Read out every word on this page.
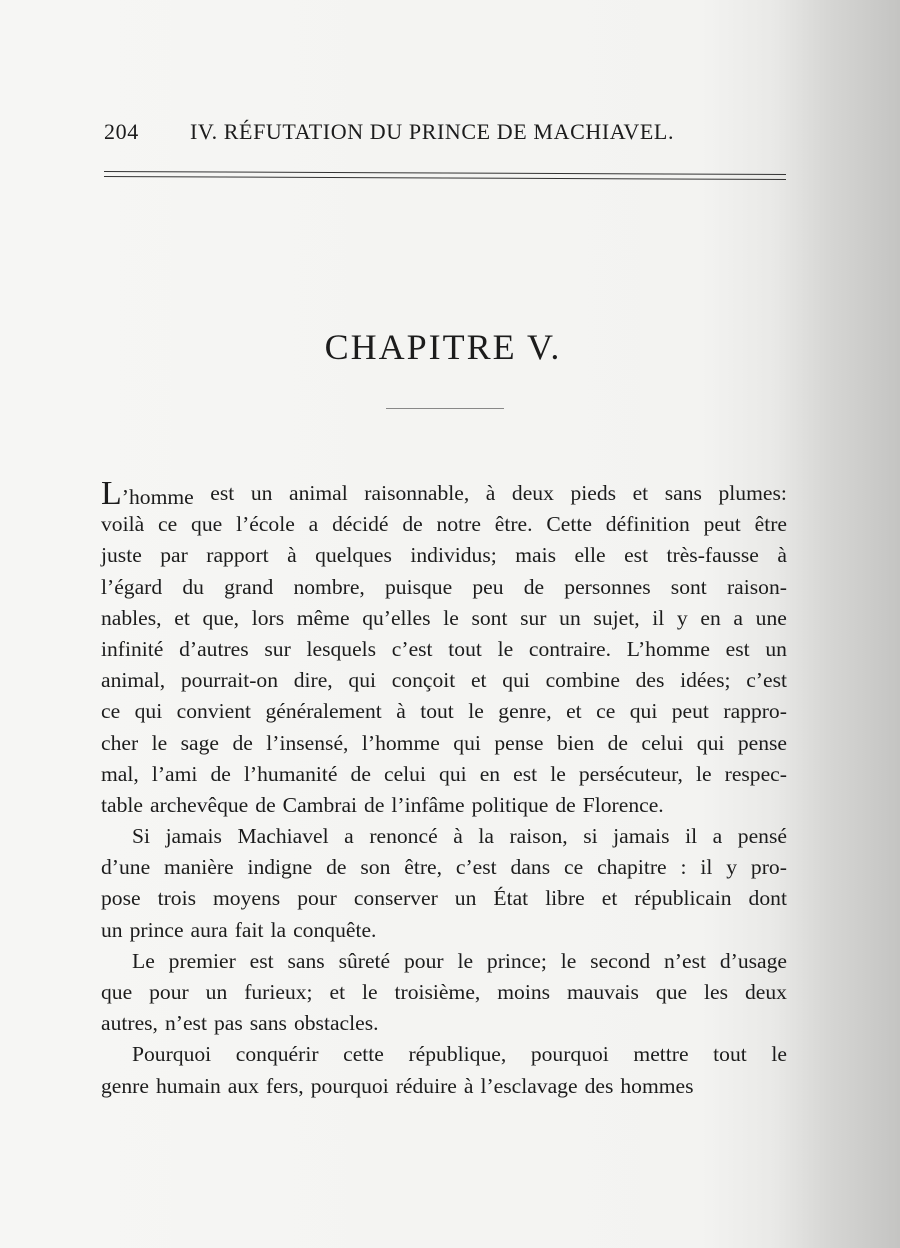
204 IV. RÉFUTATION DU PRINCE DE MACHIAVEL.
CHAPITRE V.
L’homme est un animal raisonnable, à deux pieds et sans plumes:
voilà ce que l’école a décidé de notre être. Cette définition peut être
juste par rapport à quelques individus; mais elle est très-fausse à
l’égard du grand nombre, puisque peu de personnes sont raison-
nables, et que, lors même qu’elles le sont sur un sujet, il y en a une
infinité d’autres sur lesquels c’est tout le contraire. L’homme est un
animal, pourrait-on dire, qui conçoit et qui combine des idées; c’est
ce qui convient généralement à tout le genre, et ce qui peut rappro-
cher le sage de l’insensé, l’homme qui pense bien de celui qui pense
mal, l’ami de l’humanité de celui qui en est le persécuteur, le respec-
table archevêque de Cambrai de l’infâme politique de Florence.
Si jamais Machiavel a renoncé à la raison, si jamais il a pensé
d’une manière indigne de son être, c’est dans ce chapitre : il y pro-
pose trois moyens pour conserver un État libre et républicain dont
un prince aura fait la conquête.
Le premier est sans sûreté pour le prince; le second n’est d’usage
que pour un furieux; et le troisième, moins mauvais que les deux
autres, n’est pas sans obstacles.
Pourquoi conquérir cette république, pourquoi mettre tout le
genre humain aux fers, pourquoi réduire à l’esclavage des hommes
